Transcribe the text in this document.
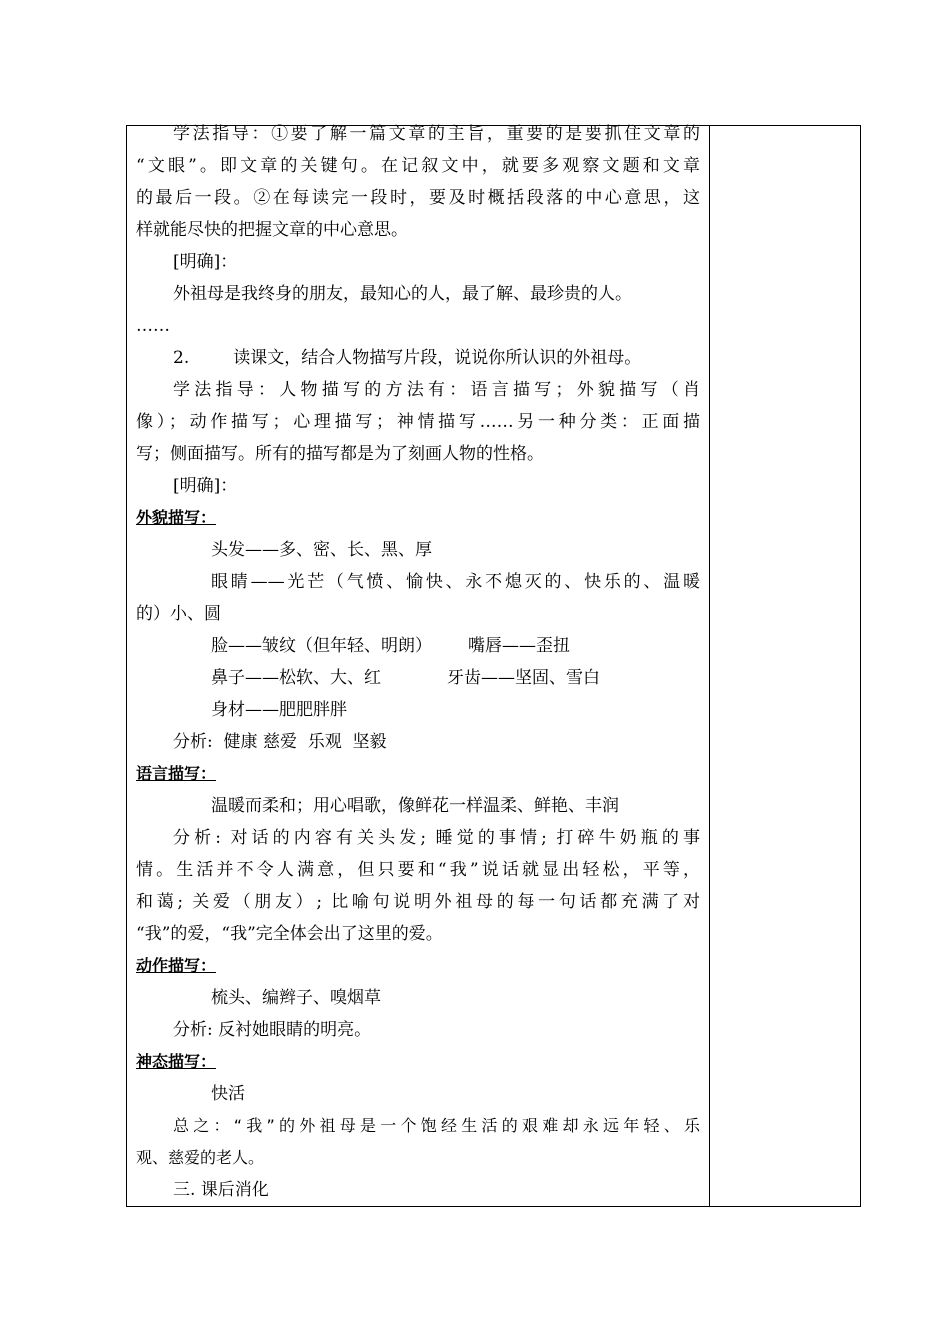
学法指导：①要了解一篇文章的主旨，重要的是要抓住文章的
“文眼”。即文章的关键句。在记叙文中，就要多观察文题和文章
的最后一段。②在每读完一段时，要及时概括段落的中心意思，这
样就能尽快的把握文章的中心意思。
[明确]：
外祖母是我终身的朋友，最知心的人，最了解、最珍贵的人。
……
2.	读课文，结合人物描写片段，说说你所认识的外祖母。
学法指导：人物描写的方法有：语言描写；外貌描写（肖
像）；动作描写；心理描写；神情描写……另一种分类：正面描
写；侧面描写。所有的描写都是为了刻画人物的性格。
[明确]：
外貌描写：
头发——多、密、长、黑、厚
眼睛——光芒（气愤、愉快、永不熄灭的、快乐的、温暖
的）小、圆
脸——皱纹（但年轻、明朗） 嘴唇——歪扭
鼻子——松软、大、红	牙齿——坚固、雪白
身材——肥肥胖胖
分析:  健康 慈爱  乐观  坚毅
语言描写：
温暖而柔和；用心唱歌，像鲜花一样温柔、鲜艳、丰润
分析: 对话的内容有关头发; 睡觉的事情; 打碎牛奶瓶的事
情。生活并不令人满意，但只要和“我”说话就显出轻松，平等，
和蔼; 关爱（朋友）; 比喻句说明外祖母的每一句话都充满了对
“我”的爱，“我”完全体会出了这里的爱。
动作描写：
梳头、编辫子、嗅烟草
分析: 反衬她眼睛的明亮。
神态描写：
快活
总之：“我”的外祖母是一个饱经生活的艰难却永远年轻、乐
观、慈爱的老人。
三. 课后消化
